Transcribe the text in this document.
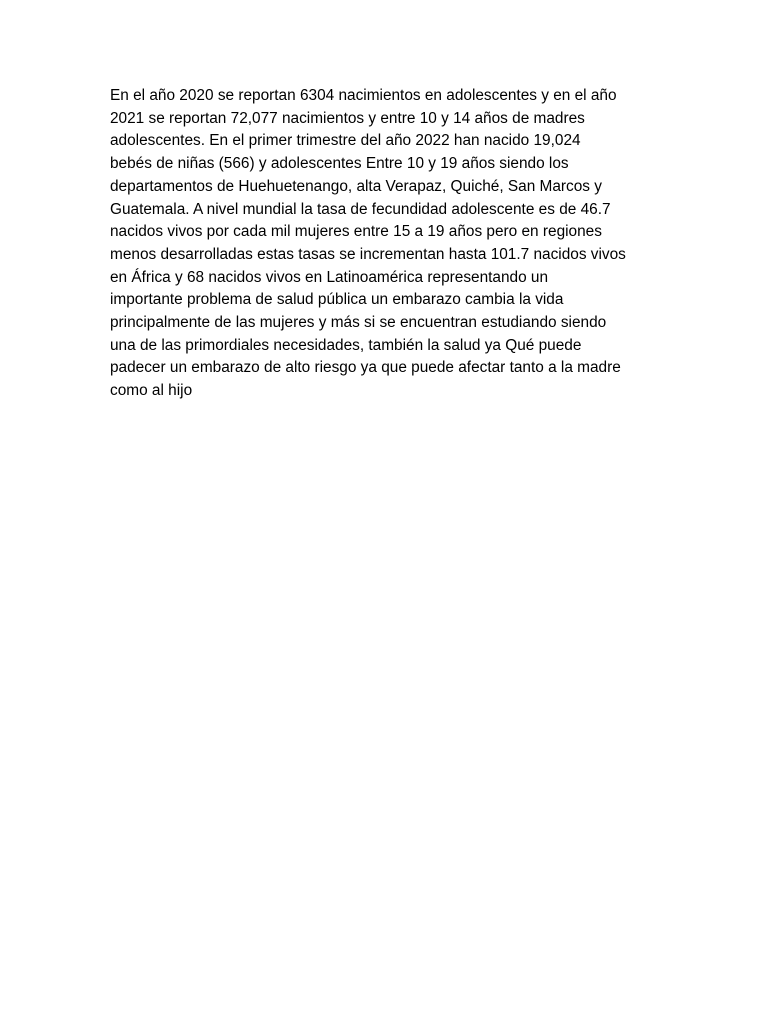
En el año 2020 se reportan 6304 nacimientos en adolescentes y en el año
2021 se reportan 72,077 nacimientos y entre 10 y 14 años de madres
adolescentes. En el primer trimestre del año 2022 han nacido 19,024
bebés de niñas (566) y adolescentes Entre 10 y 19 años siendo los
departamentos de Huehuetenango, alta Verapaz, Quiché, San Marcos y
Guatemala. A nivel mundial la tasa de fecundidad adolescente es de 46.7
nacidos vivos por cada mil mujeres entre 15 a 19 años pero en regiones
menos desarrolladas estas tasas se incrementan hasta 101.7 nacidos vivos
en África y 68 nacidos vivos en Latinoamérica representando un
importante problema de salud pública un embarazo cambia la vida
principalmente de las mujeres y más si se encuentran estudiando siendo
una de las primordiales necesidades, también la salud ya Qué puede
padecer un embarazo de alto riesgo ya que puede afectar tanto a la madre
como al hijo
